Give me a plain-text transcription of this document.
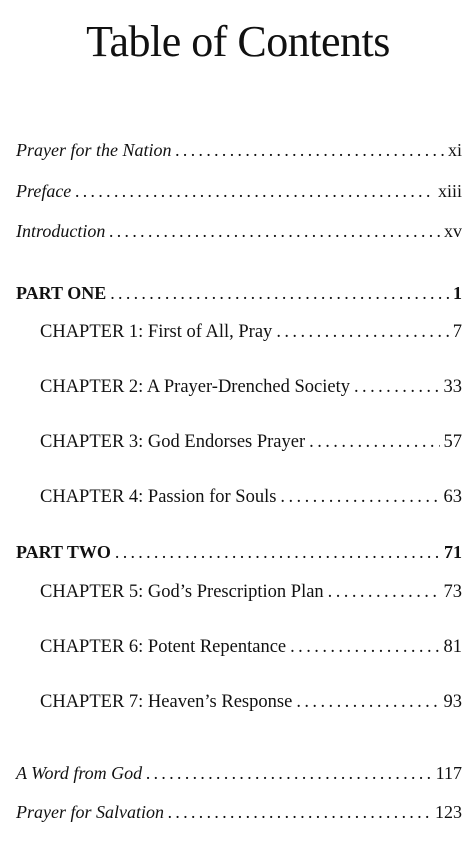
Table of Contents
Prayer for the Nation . . .	xi
Preface . . .	xiii
Introduction . . .	xv
PART ONE . . .	1
CHAPTER 1: First of All, Pray . . .	7
CHAPTER 2: A Prayer-Drenched Society . . .	33
CHAPTER 3: God Endorses Prayer . . .	57
CHAPTER 4: Passion for Souls . . .	63
PART TWO . . .	71
CHAPTER 5: God’s Prescription Plan . . .	73
CHAPTER 6: Potent Repentance . . .	81
CHAPTER 7: Heaven’s Response . . .	93
A Word from God . . .	117
Prayer for Salvation . . .	123
